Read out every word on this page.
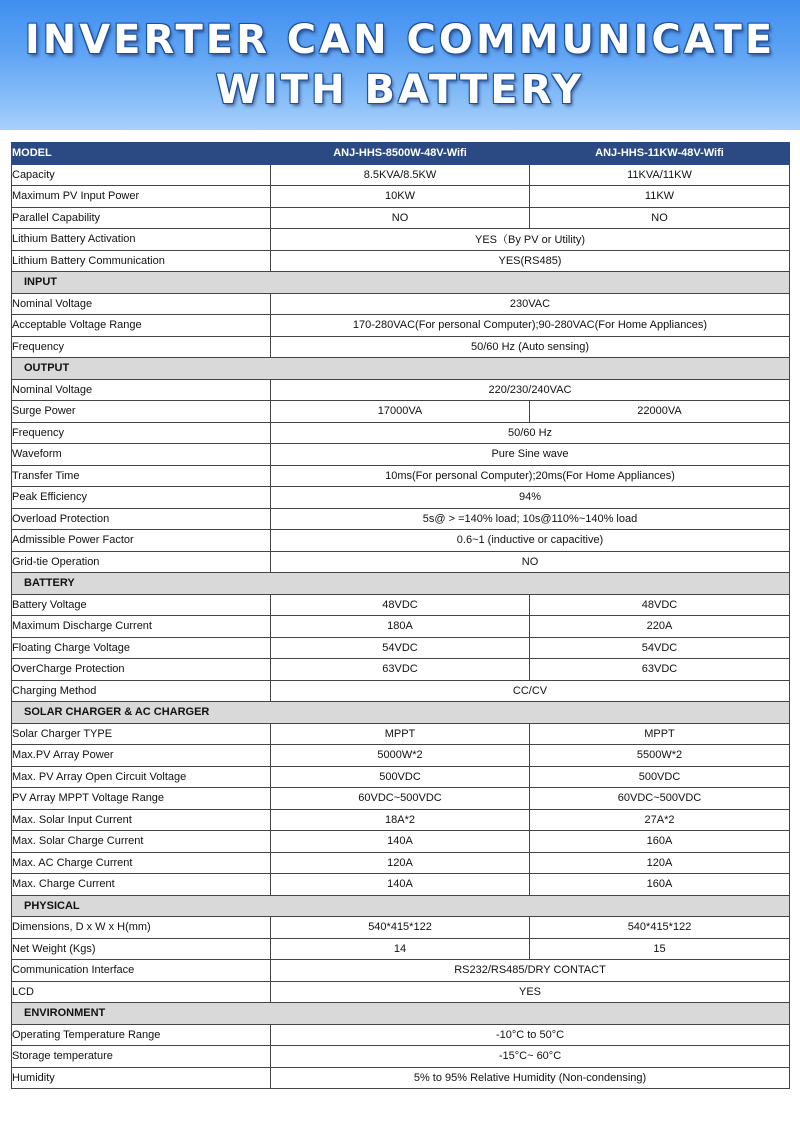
INVERTER CAN COMMUNICATE
WITH BATTERY
MODEL	ANJ-HHS-8500W-48V-Wifi	ANJ-HHS-11KW-48V-Wifi
Capacity	8.5KVA/8.5KW	11KVA/11KW
Maximum PV Input Power	10KW	11KW
Parallel Capability	NO	NO
Lithium Battery Activation	YES（By PV or Utility)	
Lithium Battery Communication	YES(RS485)	
INPUT		
Nominal Voltage	230VAC	
Acceptable Voltage Range	170-280VAC(For personal Computer);90-280VAC(For Home Appliances)	
Frequency	50/60 Hz (Auto sensing)	
OUTPUT		
Nominal Voltage	220/230/240VAC	
Surge Power	17000VA	22000VA
Frequency	50/60 Hz	
Waveform	Pure Sine wave	
Transfer Time	10ms(For personal Computer);20ms(For Home Appliances)	
Peak Efficiency	94%	
Overload Protection	5s@ > =140% load; 10s@110%~140% load	
Admissible Power Factor	0.6~1 (inductive or capacitive)	
Grid-tie Operation	NO	
BATTERY		
Battery Voltage	48VDC	48VDC
Maximum Discharge Current	180A	220A
Floating Charge Voltage	54VDC	54VDC
OverCharge Protection	63VDC	63VDC
Charging Method	CC/CV	
SOLAR CHARGER & AC CHARGER		
Solar Charger TYPE	MPPT	MPPT
Max.PV Array Power	5000W*2	5500W*2
Max. PV Array Open Circuit Voltage	500VDC	500VDC
PV Array MPPT Voltage Range	60VDC~500VDC	60VDC~500VDC
Max. Solar Input Current	18A*2	27A*2
Max. Solar Charge Current	140A	160A
Max. AC Charge Current	120A	120A
Max. Charge Current	140A	160A
PHYSICAL		
Dimensions, D x W x H(mm)	540*415*122	540*415*122
Net Weight (Kgs)	14	15
Communication Interface	RS232/RS485/DRY CONTACT	
LCD	YES	
ENVIRONMENT		
Operating Temperature Range	-10°C to 50°C	
Storage temperature	-15°C~ 60°C	
Humidity	5% to 95% Relative Humidity (Non-condensing)	
